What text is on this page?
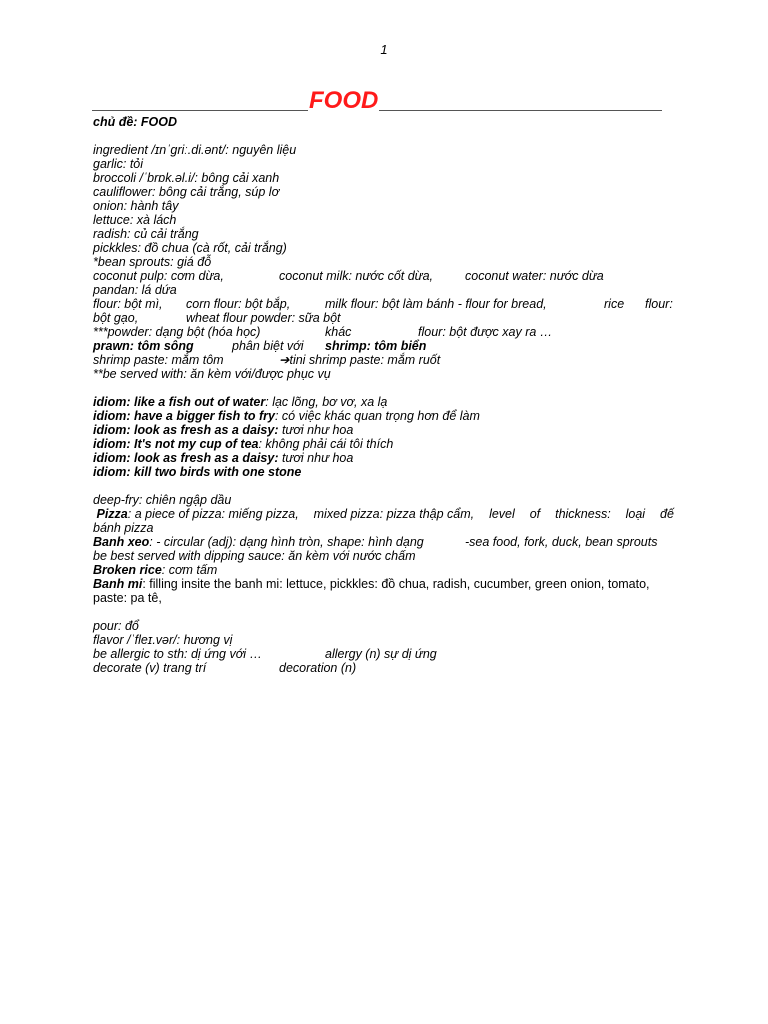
1
FOOD
chủ đề: FOOD
ingredient /ɪnˈgriː.di.ənt/: nguyên liệu
garlic: tỏi
broccoli /ˈbrɒk.əl.i/: bông cải xanh
cauliflower: bông cải trắng, súp lơ
onion: hành tây
lettuce: xà lách
radish: củ cải trắng
pickkles: đồ chua (cà rốt, cải trắng)
*bean sprouts: giá đỗ
coconut pulp: cơm dừa,	coconut milk: nước cốt dừa,	coconut water: nước dừa
pandan: lá dứa
flour: bột mì, corn flour: bột bắp,	milk flour: bột làm bánh - flour for bread,	rice flour:
bột gạo,	wheat flour powder: sữa bột
***powder: dạng bột (hóa học)	khác	flour: bột được xay ra …
prawn: tôm sông	phân biệt với shrimp: tôm biển
shrimp paste: mắm tôm	➔tini shrimp paste: mắm ruốt
**be served with: ăn kèm với/được phục vụ
idiom: like a fish out of water: lạc lõng, bơ vơ, xa lạ
idiom: have a bigger fish to fry: có việc khác quan trọng hơn để làm
idiom: look as fresh as a daisy: tươi như hoa
idiom: It's not my cup of tea: không phải cái tôi thích
idiom: look as fresh as a daisy: tươi như hoa
idiom: kill two birds with one stone
deep-fry: chiên ngập dầu
Pizza: a piece of pizza: miếng pizza, mixed pizza: pizza thập cẩm, level of thickness: loại đế
bánh pizza
Banh xeo: - circular (adj): dạng hình tròn, shape: hình dạng	-sea food, fork, duck, bean sprouts
be best served with dipping sauce: ăn kèm với nước chấm
Broken rice: cơm tấm
Banh mi: filling insite the banh mi: lettuce, pickkles: đồ chua, radish, cucumber, green onion, tomato,
paste: pa tê,
pour: đổ
flavor /ˈfleɪ.vər/: hương vị
be allergic to sth: dị ứng với …	allergy (n) sự dị ứng
decorate (v) trang trí	decoration (n)
